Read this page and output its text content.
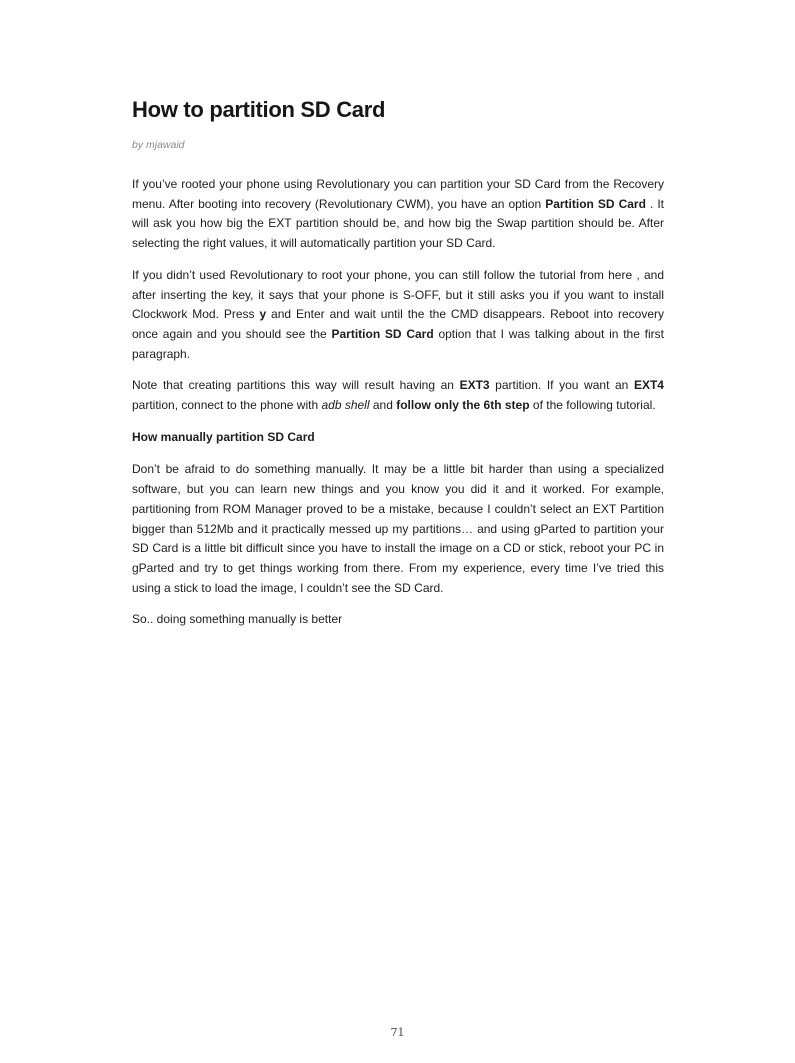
How to partition SD Card

by mjawaid

If you’ve rooted your phone using Revolutionary you can partition your SD Card from the Recovery menu. After booting into recovery (Revolutionary CWM), you have an option Partition SD Card . It will ask you how big the EXT partition should be, and how big the Swap partition should be. After selecting the right values, it will automatically partition your SD Card.

If you didn’t used Revolutionary to root your phone, you can still follow the tutorial from here , and after inserting the key, it says that your phone is S-OFF, but it still asks you if you want to install Clockwork Mod. Press y and Enter and wait until the the CMD disappears. Reboot into recovery once again and you should see the Partition SD Card option that I was talking about in the first paragraph.

Note that creating partitions this way will result having an EXT3 partition. If you want an EXT4 partition, connect to the phone with adb shell and follow only the 6th step of the following tutorial.

How manually partition SD Card

Don’t be afraid to do something manually. It may be a little bit harder than using a specialized software, but you can learn new things and you know you did it and it worked. For example, partitioning from ROM Manager proved to be a mistake, because I couldn’t select an EXT Partition bigger than 512Mb and it practically messed up my partitions… and using gParted to partition your SD Card is a little bit difficult since you have to install the image on a CD or stick, reboot your PC in gParted and try to get things working from there. From my experience, every time I’ve tried this using a stick to load the image, I couldn’t see the SD Card.

So.. doing something manually is better

71
